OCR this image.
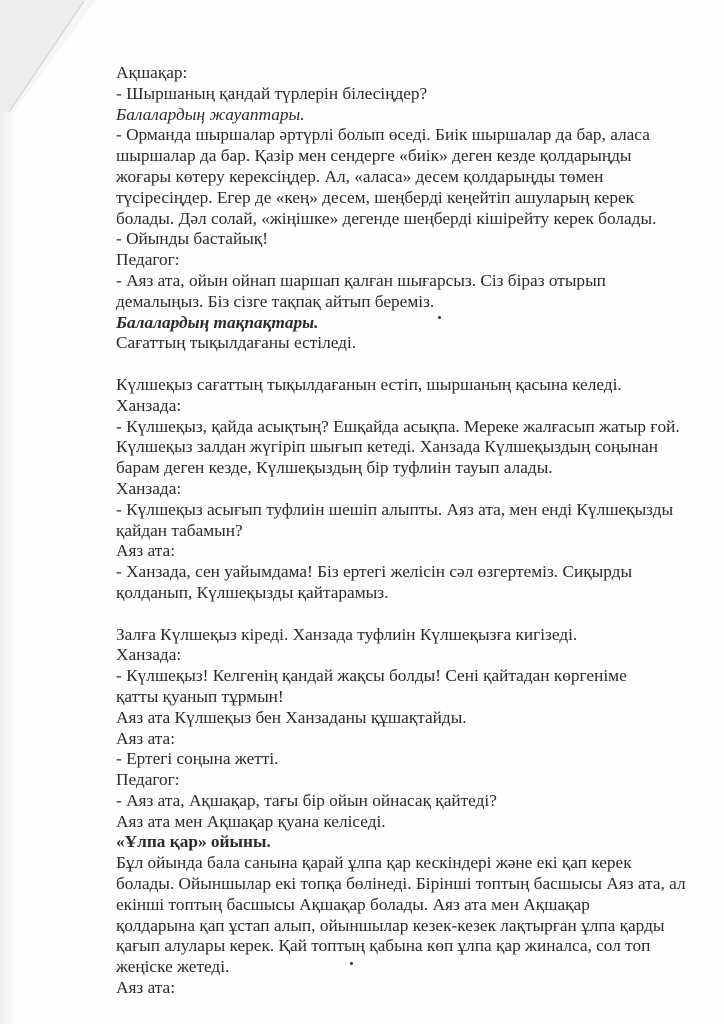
Ақшақар:
- Шыршаның қандай түрлерін білесіңдер?
Балалардың жауаптары.
- Орманда шыршалар әртүрлі болып өседі. Биік шыршалар да бар, аласа
шыршалар да бар. Қазір мен сендерге «биік» деген кезде қолдарыңды
жоғары көтеру керексіңдер. Ал, «аласа» десем қолдарыңды төмен
түсіресіңдер. Егер де «кең» десем, шеңберді кеңейтіп ашуларың керек
болады. Дәл солай, «жіңішке» дегенде шеңберді кішірейту керек болады.
- Ойынды бастайық!
Педагог:
- Аяз ата, ойын ойнап шаршап қалған шығарсыз. Сіз біраз отырып
демалыңыз. Біз сізге тақпақ айтып береміз.
Балалардың тақпақтары.
Сағаттың тықылдағаны естіледі.
Күлшеқыз сағаттың тықылдағанын естіп, шыршаның қасына келеді.
Ханзада:
- Күлшеқыз, қайда асықтың? Ешқайда асықпа. Мереке жалғасып жатыр ғой.
Күлшеқыз залдан жүгіріп шығып кетеді. Ханзада Күлшеқыздың соңынан
барам деген кезде, Күлшеқыздың бір туфлиін тауып алады.
Ханзада:
- Күлшеқыз асығып туфлиін шешіп алыпты. Аяз ата, мен енді Күлшеқызды
қайдан табамын?
Аяз ата:
- Ханзада, сен уайымдама! Біз ертегі желісін сәл өзгертеміз. Сиқырды
қолданып, Күлшеқызды қайтарамыз.
Залға Күлшеқыз кіреді. Ханзада туфлиін Күлшеқызға кигізеді.
Ханзада:
- Күлшеқыз! Келгенің қандай жақсы болды! Сені қайтадан көргеніме
қатты қуанып тұрмын!
Аяз ата Күлшеқыз бен Ханзаданы құшақтайды.
Аяз ата:
- Ертегі соңына жетті.
Педагог:
- Аяз ата, Ақшақар, тағы бір ойын ойнасақ қайтеді?
Аяз ата мен Ақшақар қуана келіседі.
«Ұлпа қар» ойыны.
Бұл ойында бала санына қарай ұлпа қар кескіндері және екі қап керек
болады. Ойыншылар екі топқа бөлінеді. Бірінші топтың басшысы Аяз ата, ал
екінші топтың басшысы Ақшақар болады. Аяз ата мен Ақшақар
қолдарына қап ұстап алып, ойыншылар кезек-кезек лақтырған ұлпа қарды
қағып алулары керек. Қай топтың қабына көп ұлпа қар жиналса, сол топ
жеңіске жетеді.
Аяз ата:
